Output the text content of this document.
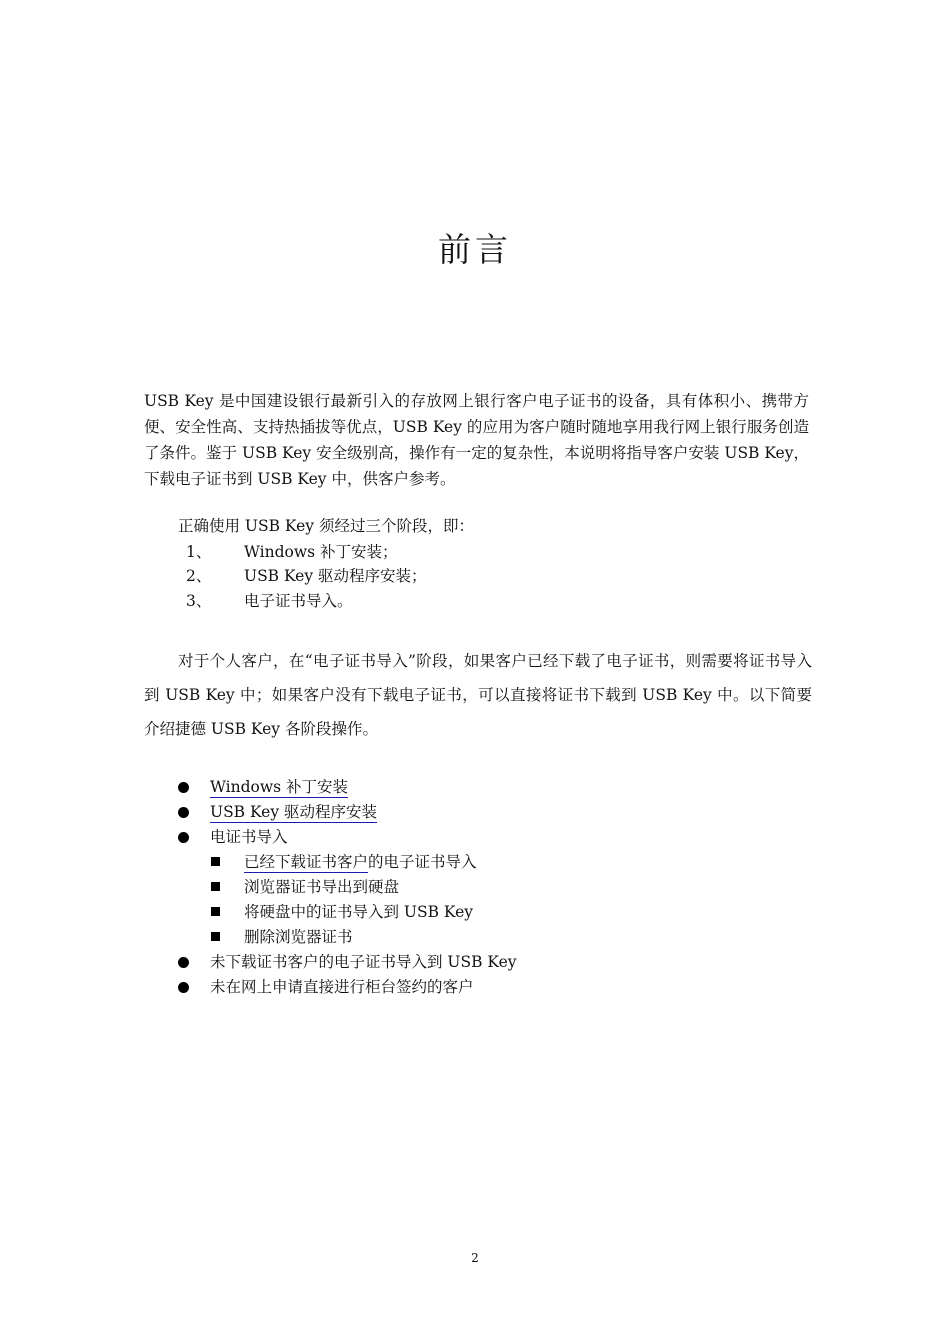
前言

USB Key 是中国建设银行最新引入的存放网上银行客户电子证书的设备，具有体积小、携带方便、安全性高、支持热插拔等优点，USB Key 的应用为客户随时随地享用我行网上银行服务创造了条件。鉴于 USB Key 安全级别高，操作有一定的复杂性，本说明将指导客户安装 USB Key，下载电子证书到 USB Key 中，供客户参考。

正确使用 USB Key 须经过三个阶段，即：

1、 Windows 补丁安装；

2、 USB Key 驱动程序安装；

3、 电子证书导入。

对于个人客户，在“电子证书导入”阶段，如果客户已经下载了电子证书，则需要将证书导入到 USB Key 中；如果客户没有下载电子证书，可以直接将证书下载到 USB Key 中。以下简要介绍捷德 USB Key 各阶段操作。

Windows 补丁安装
USB Key 驱动程序安装
电证书导入
已经下载证书客户的电子证书导入
浏览器证书导出到硬盘
将硬盘中的证书导入到 USB Key
删除浏览器证书
未下载证书客户的电子证书导入到 USB Key
未在网上申请直接进行柜台签约的客户
2
